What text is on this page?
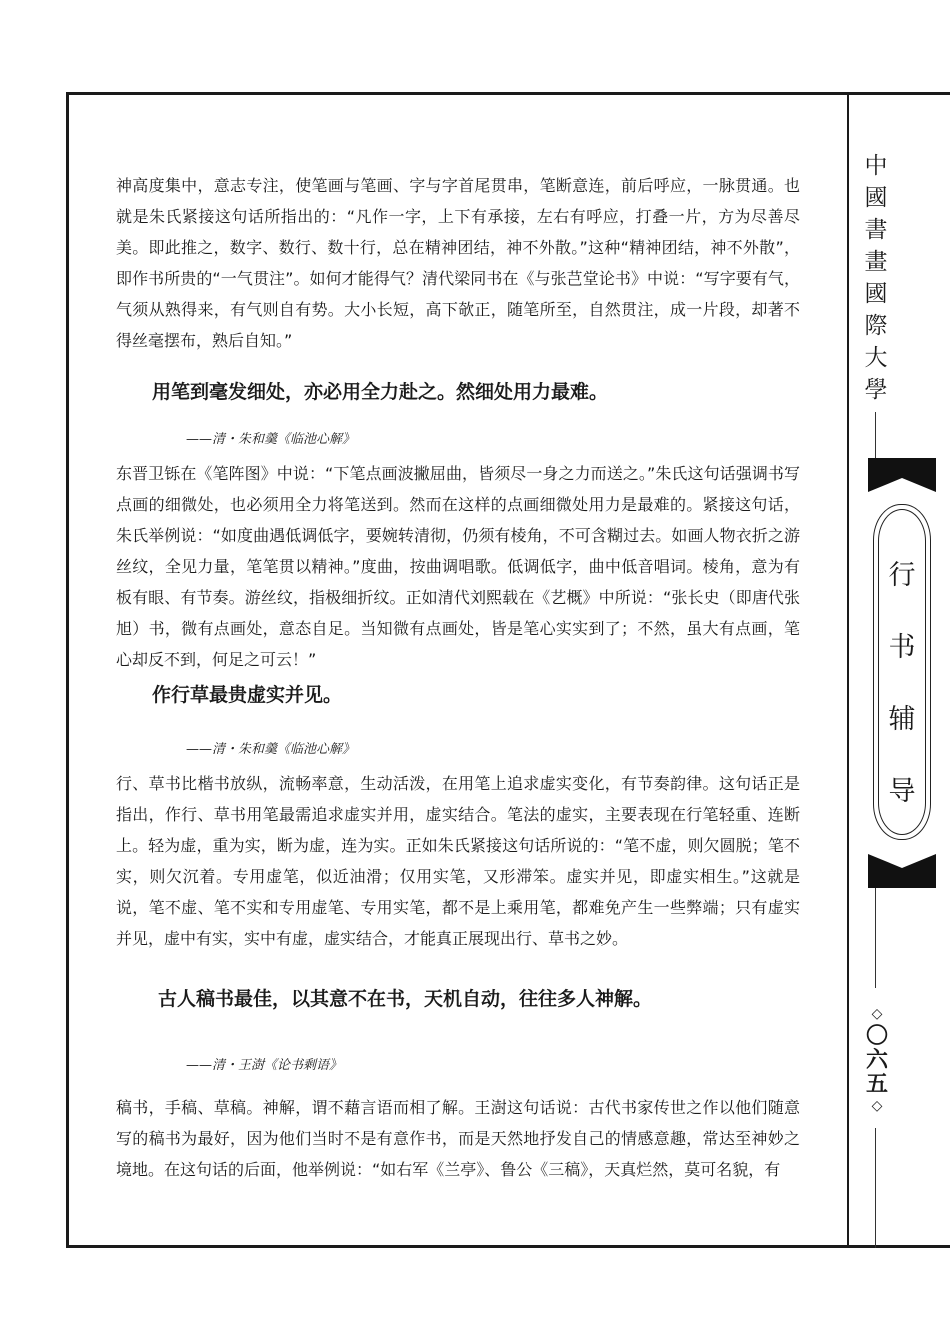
中
國
書
畫
國
際
大
學
行
书
辅
导
◇
〇
六
五
◇
神高度集中，意志专注，使笔画与笔画、字与字首尾贯串，笔断意连，前后呼应，一脉贯通。也就是朱氏紧接这句话所指出的：“凡作一字，上下有承接，左右有呼应，打叠一片，方为尽善尽美。即此推之，数字、数行、数十行，总在精神团结，神不外散。”这种“精神团结，神不外散”，即作书所贵的“一气贯注”。如何才能得气？清代梁同书在《与张芑堂论书》中说：“写字要有气，气须从熟得来，有气则自有势。大小长短，高下欹正，随笔所至，自然贯注，成一片段，却著不得丝毫摆布，熟后自知。”
用笔到毫发细处，亦必用全力赴之。然细处用力最难。
——清・朱和羹《临池心解》
东晋卫铄在《笔阵图》中说：“下笔点画波撇屈曲，皆须尽一身之力而送之。”朱氏这句话强调书写点画的细微处，也必须用全力将笔送到。然而在这样的点画细微处用力是最难的。紧接这句话，朱氏举例说：“如度曲遇低调低字，要婉转清彻，仍须有棱角，不可含糊过去。如画人物衣折之游丝纹，全见力量，笔笔贯以精神。”度曲，按曲调唱歌。低调低字，曲中低音唱词。棱角，意为有板有眼、有节奏。游丝纹，指极细折纹。正如清代刘熙载在《艺概》中所说：“张长史（即唐代张旭）书，微有点画处，意态自足。当知微有点画处，皆是笔心实实到了；不然，虽大有点画，笔心却反不到，何足之可云！”
作行草最贵虚实并见。
——清・朱和羹《临池心解》
行、草书比楷书放纵，流畅率意，生动活泼，在用笔上追求虚实变化，有节奏韵律。这句话正是指出，作行、草书用笔最需追求虚实并用，虚实结合。笔法的虚实，主要表现在行笔轻重、连断上。轻为虚，重为实，断为虚，连为实。正如朱氏紧接这句话所说的：“笔不虚，则欠圆脱；笔不实，则欠沉着。专用虚笔，似近油滑；仅用实笔，又形滞笨。虚实并见，即虚实相生。”这就是说，笔不虚、笔不实和专用虚笔、专用实笔，都不是上乘用笔，都难免产生一些弊端；只有虚实并见，虚中有实，实中有虚，虚实结合，才能真正展现出行、草书之妙。
古人稿书最佳，以其意不在书，天机自动，往往多人神解。
——清・王澍《论书剩语》
稿书，手稿、草稿。神解，谓不藉言语而相了解。王澍这句话说：古代书家传世之作以他们随意写的稿书为最好，因为他们当时不是有意作书，而是天然地抒发自己的情感意趣，常达至神妙之境地。在这句话的后面，他举例说：“如右军《兰亭》、鲁公《三稿》，天真烂然，莫可名貌，有
